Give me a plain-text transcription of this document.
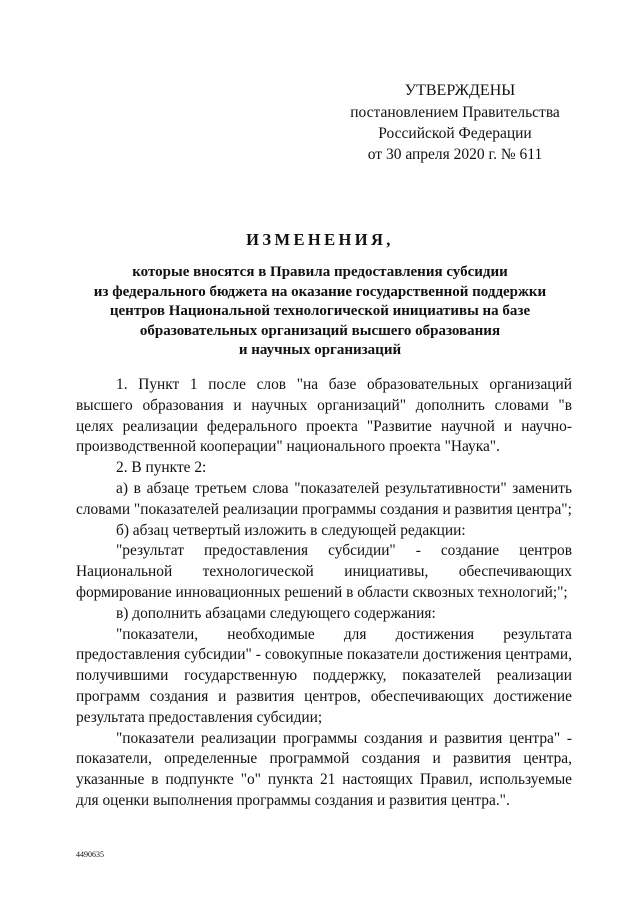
УТВЕРЖДЕНЫ
постановлением Правительства
Российской Федерации
от 30 апреля 2020 г. № 611
ИЗМЕНЕНИЯ,
которые вносятся в Правила предоставления субсидии
из федерального бюджета на оказание государственной поддержки
центров Национальной технологической инициативы на базе
образовательных организаций высшего образования
и научных организаций

1. Пункт 1 после слов "на базе образовательных организаций высшего образования и научных организаций" дополнить словами "в целях реализации федерального проекта "Развитие научной и научно-производственной кооперации" национального проекта "Наука".

2. В пункте 2:

а) в абзаце третьем слова "показателей результативности" заменить словами "показателей реализации программы создания и развития центра";

б) абзац четвертый изложить в следующей редакции:

"результат предоставления субсидии" - создание центров Национальной технологической инициативы, обеспечивающих формирование инновационных решений в области сквозных технологий;";

в) дополнить абзацами следующего содержания:

"показатели, необходимые для достижения результата предоставления субсидии" - совокупные показатели достижения центрами, получившими государственную поддержку, показателей реализации программ создания и развития центров, обеспечивающих достижение результата предоставления субсидии;

"показатели реализации программы создания и развития центра" - показатели, определенные программой создания и развития центра, указанные в подпункте "о" пункта 21 настоящих Правил, используемые для оценки выполнения программы создания и развития центра.".

4490635
